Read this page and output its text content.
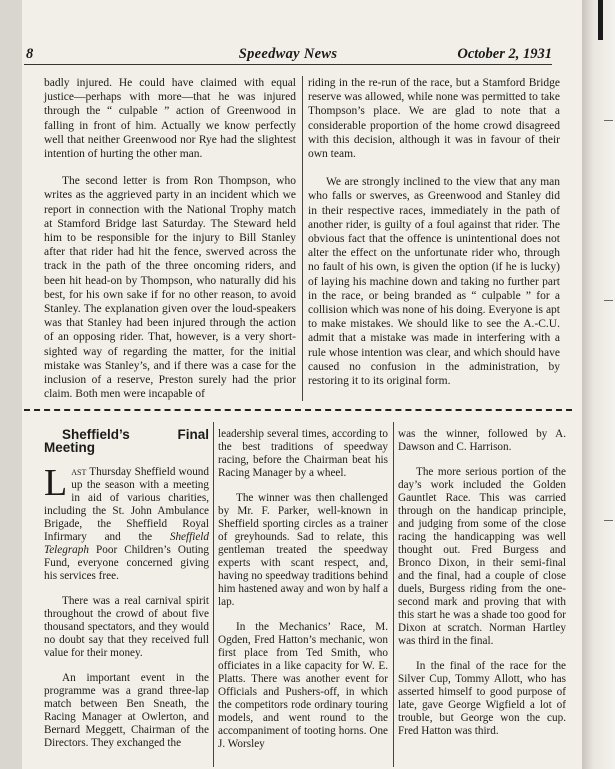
8	Speedway News	October 2, 1931

badly injured. He could have claimed with equal justice—perhaps with more—that he was injured through the “ culpable ” action of Greenwood in falling in front of him. Actually we know perfectly well that neither Greenwood nor Rye had the slightest intention of hurting the other man.

The second letter is from Ron Thompson, who writes as the aggrieved party in an incident which we report in connection with the National Trophy match at Stamford Bridge last Saturday. The Steward held him to be responsible for the injury to Bill Stanley after that rider had hit the fence, swerved across the track in the path of the three oncoming riders, and been hit head-on by Thompson, who naturally did his best, for his own sake if for no other reason, to avoid Stanley. The explanation given over the loud-speakers was that Stanley had been injured through the action of an opposing rider. That, however, is a very short-sighted way of regarding the matter, for the initial mistake was Stanley’s, and if there was a case for the inclusion of a reserve, Preston surely had the prior claim. Both men were incapable of

riding in the re-run of the race, but a Stamford Bridge reserve was allowed, while none was permitted to take Thompson’s place. We are glad to note that a considerable proportion of the home crowd disagreed with this decision, although it was in favour of their own team.

We are strongly inclined to the view that any man who falls or swerves, as Greenwood and Stanley did in their respective races, immediately in the path of another rider, is guilty of a foul against that rider. The obvious fact that the offence is unintentional does not alter the effect on the unfortunate rider who, through no fault of his own, is given the option (if he is lucky) of laying his machine down and taking no further part in the race, or being branded as “ culpable ” for a collision which was none of his doing. Everyone is apt to make mistakes. We should like to see the A.-C.U. admit that a mistake was made in interfering with a rule whose intention was clear, and which should have caused no confusion in the administration, by restoring it to its original form.

Sheffield’s Final Meeting

Last Thursday Sheffield wound up the season with a meeting in aid of various charities, including the St. John Ambulance Brigade, the Sheffield Royal Infirmary and the Sheffield Telegraph Poor Children’s Outing Fund, everyone concerned giving his services free.

There was a real carnival spirit throughout the crowd of about five thousand spectators, and they would no doubt say that they received full value for their money.

An important event in the programme was a grand three-lap match between Ben Sneath, the Racing Manager at Owlerton, and Bernard Meggett, Chairman of the Directors. They exchanged the

leadership several times, according to the best traditions of speedway racing, before the Chairman beat his Racing Manager by a wheel.

The winner was then challenged by Mr. F. Parker, well-known in Sheffield sporting circles as a trainer of greyhounds. Sad to relate, this gentleman treated the speedway experts with scant respect, and, having no speedway traditions behind him hastened away and won by half a lap.

In the Mechanics’ Race, M. Ogden, Fred Hatton’s mechanic, won first place from Ted Smith, who officiates in a like capacity for W. E. Platts. There was another event for Officials and Pushers-off, in which the competitors rode ordinary touring models, and went round to the accompaniment of tooting horns. One J. Worsley

was the winner, followed by A. Dawson and C. Harrison.

The more serious portion of the day’s work included the Golden Gauntlet Race. This was carried through on the handicap principle, and judging from some of the close racing the handicapping was well thought out. Fred Burgess and Bronco Dixon, in their semi-final and the final, had a couple of close duels, Burgess riding from the one-second mark and proving that with this start he was a shade too good for Dixon at scratch. Norman Hartley was third in the final.

In the final of the race for the Silver Cup, Tommy Allott, who has asserted himself to good purpose of late, gave George Wigfield a lot of trouble, but George won the cup. Fred Hatton was third.
